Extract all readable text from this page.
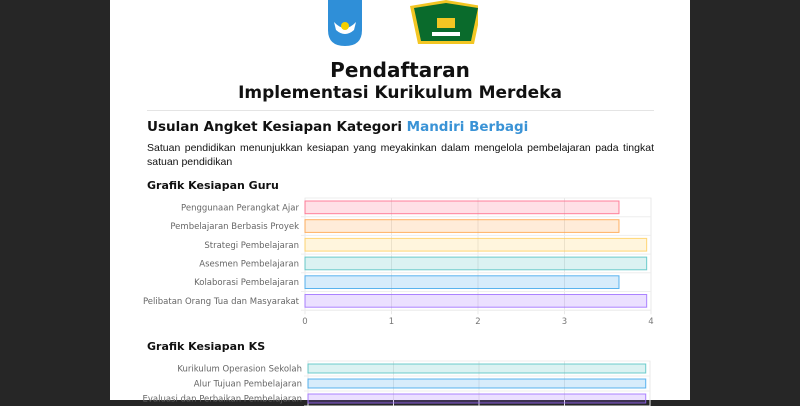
Pendaftaran
Implementasi Kurikulum Merdeka
Usulan Angket Kesiapan Kategori Mandiri Berbagi
Satuan pendidikan menunjukkan kesiapan yang meyakinkan dalam mengelola pembelajaran pada tingkat satuan pendidikan
Grafik Kesiapan Guru
Penggunaan Perangkat Ajar
Pembelajaran Berbasis Proyek
Strategi Pembelajaran
Asesmen Pembelajaran
Kolaborasi Pembelajaran
Pelibatan Orang Tua dan Masyarakat
0	1	2	3	4
Grafik Kesiapan KS
Kurikulum Operasion Sekolah
Alur Tujuan Pembelajaran
Evaluasi dan Perbaikan Pembelajaran
